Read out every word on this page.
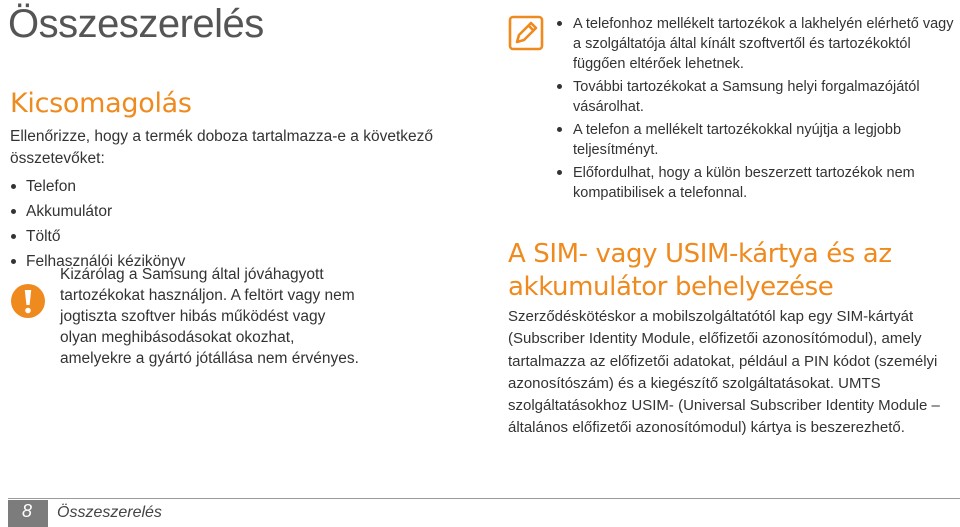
Összeszerelés
Kicsomagolás
Ellenőrizze, hogy a termék doboza tartalmazza-e a következő összetevőket:
Telefon
Akkumulátor
Töltő
Felhasználói kézikönyv
Kizárólag a Samsung által jóváhagyott tartozékokat használjon. A feltört vagy nem jogtiszta szoftver hibás működést vagy olyan meghibásodásokat okozhat, amelyekre a gyártó jótállása nem érvényes.
A telefonhoz mellékelt tartozékok a lakhelyén elérhető vagy a szolgáltatója által kínált szoftvertől és tartozékoktól függően eltérőek lehetnek.
További tartozékokat a Samsung helyi forgalmazójától vásárolhat.
A telefon a mellékelt tartozékokkal nyújtja a legjobb teljesítményt.
Előfordulhat, hogy a külön beszerzett tartozékok nem kompatibilisek a telefonnal.
A SIM- vagy USIM-kártya és az akkumulátor behelyezése
Szerződéskötéskor a mobilszolgáltatótól kap egy SIM-kártyát (Subscriber Identity Module, előfizetői azonosítómodul), amely tartalmazza az előfizetői adatokat, például a PIN kódot (személyi azonosítószám) és a kiegészítő szolgáltatásokat. UMTS szolgáltatásokhoz USIM- (Universal Subscriber Identity Module – általános előfizetői azonosítómodul) kártya is beszerezhető.
8 Összeszerelés
